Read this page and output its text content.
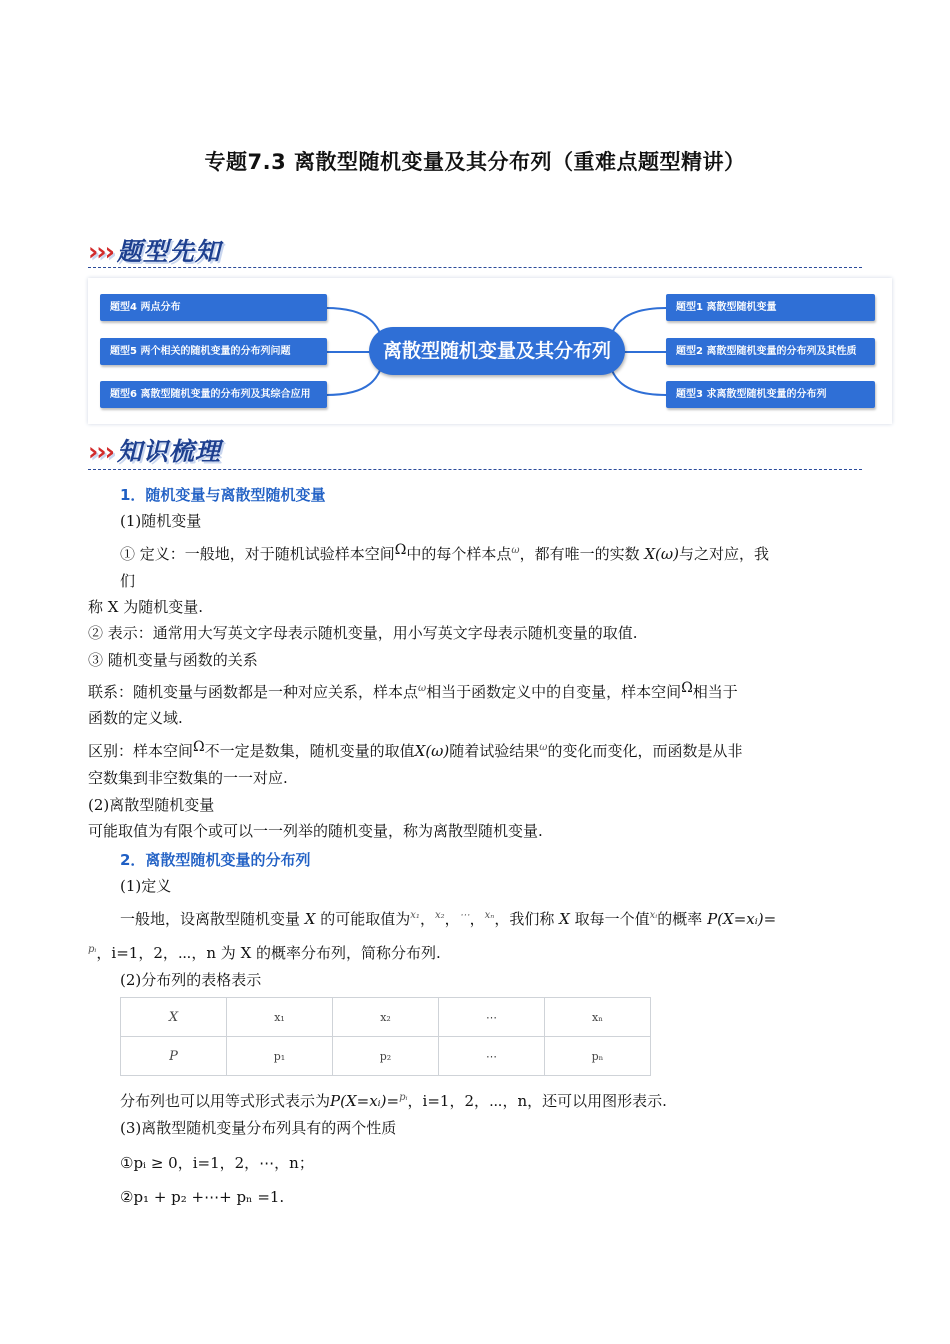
专题7.3 离散型随机变量及其分布列（重难点题型精讲）
››› 题型先知
题型4 两点分布
题型5 两个相关的随机变量的分布列问题
题型6 离散型随机变量的分布列及其综合应用
离散型随机变量及其分布列
题型1 离散型随机变量
题型2 离散型随机变量的分布列及其性质
题型3 求离散型随机变量的分布列
››› 知识梳理
1．随机变量与离散型随机变量
(1)随机变量
① 定义：一般地，对于随机试验样本空间Ω中的每个样本点$^\omega$，都有唯一的实数 X(ω)与之对应，我
们
称 X 为随机变量.
② 表示：通常用大写英文字母表示随机变量，用小写英文字母表示随机变量的取值.
③ 随机变量与函数的关系
联系：随机变量与函数都是一种对应关系，样本点$^\omega$相当于函数定义中的自变量，样本空间Ω相当于
函数的定义域.
区别：样本空间Ω不一定是数集，随机变量的取值X(ω)随着试验结果$^\omega$的变化而变化，而函数是从非
空数集到非空数集的一一对应.
(2)离散型随机变量
可能取值为有限个或可以一一列举的随机变量，称为离散型随机变量.
2．离散型随机变量的分布列
(1)定义
一般地，设离散型随机变量 X 的可能取值为$^{x_1}$，$^{x_2}$，⋯，$^{x_n}$，我们称 X 取每一个值$^{xᵢ}$的概率 P(X=xᵢ)=
$^{pᵢ}$，i=1，2，⋯，n 为 X 的概率分布列，简称分布列.
(2)分布列的表格表示
X	x₁	x₂	⋯	xₙ
P	p₁	p₂	⋯	pₙ
分布列也可以用等式形式表示为P(X=xᵢ)=$^{pᵢ}$，i=1，2，⋯，n，还可以用图形表示.
(3)离散型随机变量分布列具有的两个性质
①pᵢ ≥ 0，i=1，2，⋯，n；
②p₁ + p₂ +⋯+ pₙ =1.
